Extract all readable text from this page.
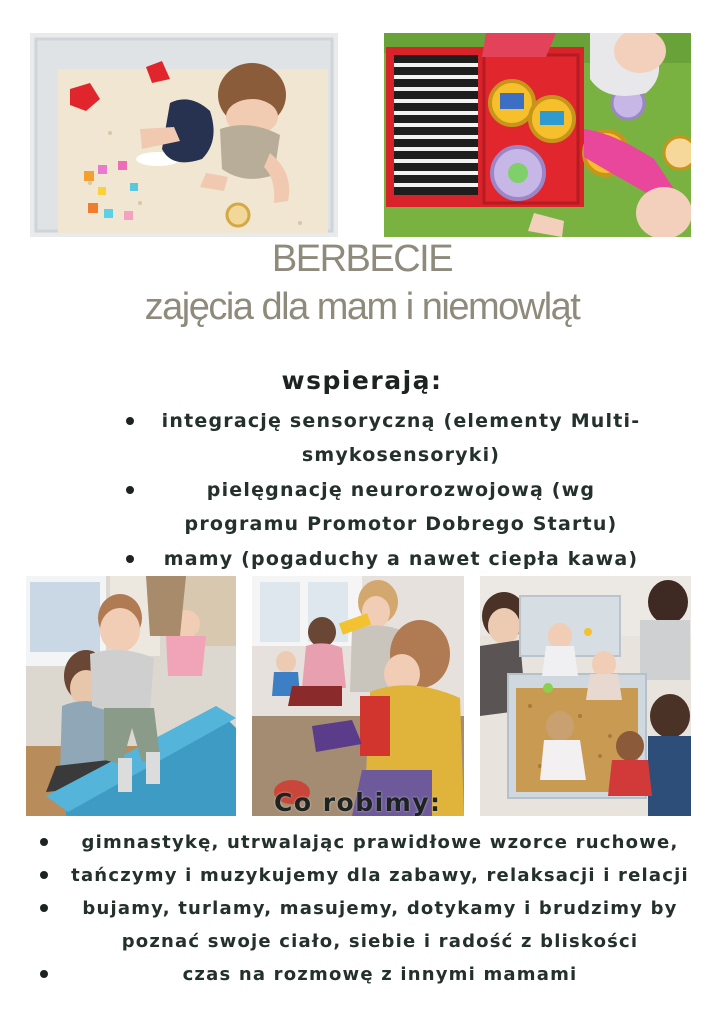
BERBECIE
zajęcia dla mam i niemowląt
wspierają:
integrację sensoryczną (elementy Multi-smykosensoryki)
pielęgnację neurorozwojową (wg programu Promotor Dobrego Startu)
mamy (pogaduchy a nawet ciepła kawa)
Co robimy:
gimnastykę, utrwalając prawidłowe wzorce ruchowe,
tańczymy i muzykujemy dla zabawy, relaksacji i relacji
bujamy, turlamy, masujemy, dotykamy i brudzimy by poznać swoje ciało, siebie i radość z bliskości
czas na rozmowę z innymi mamami
